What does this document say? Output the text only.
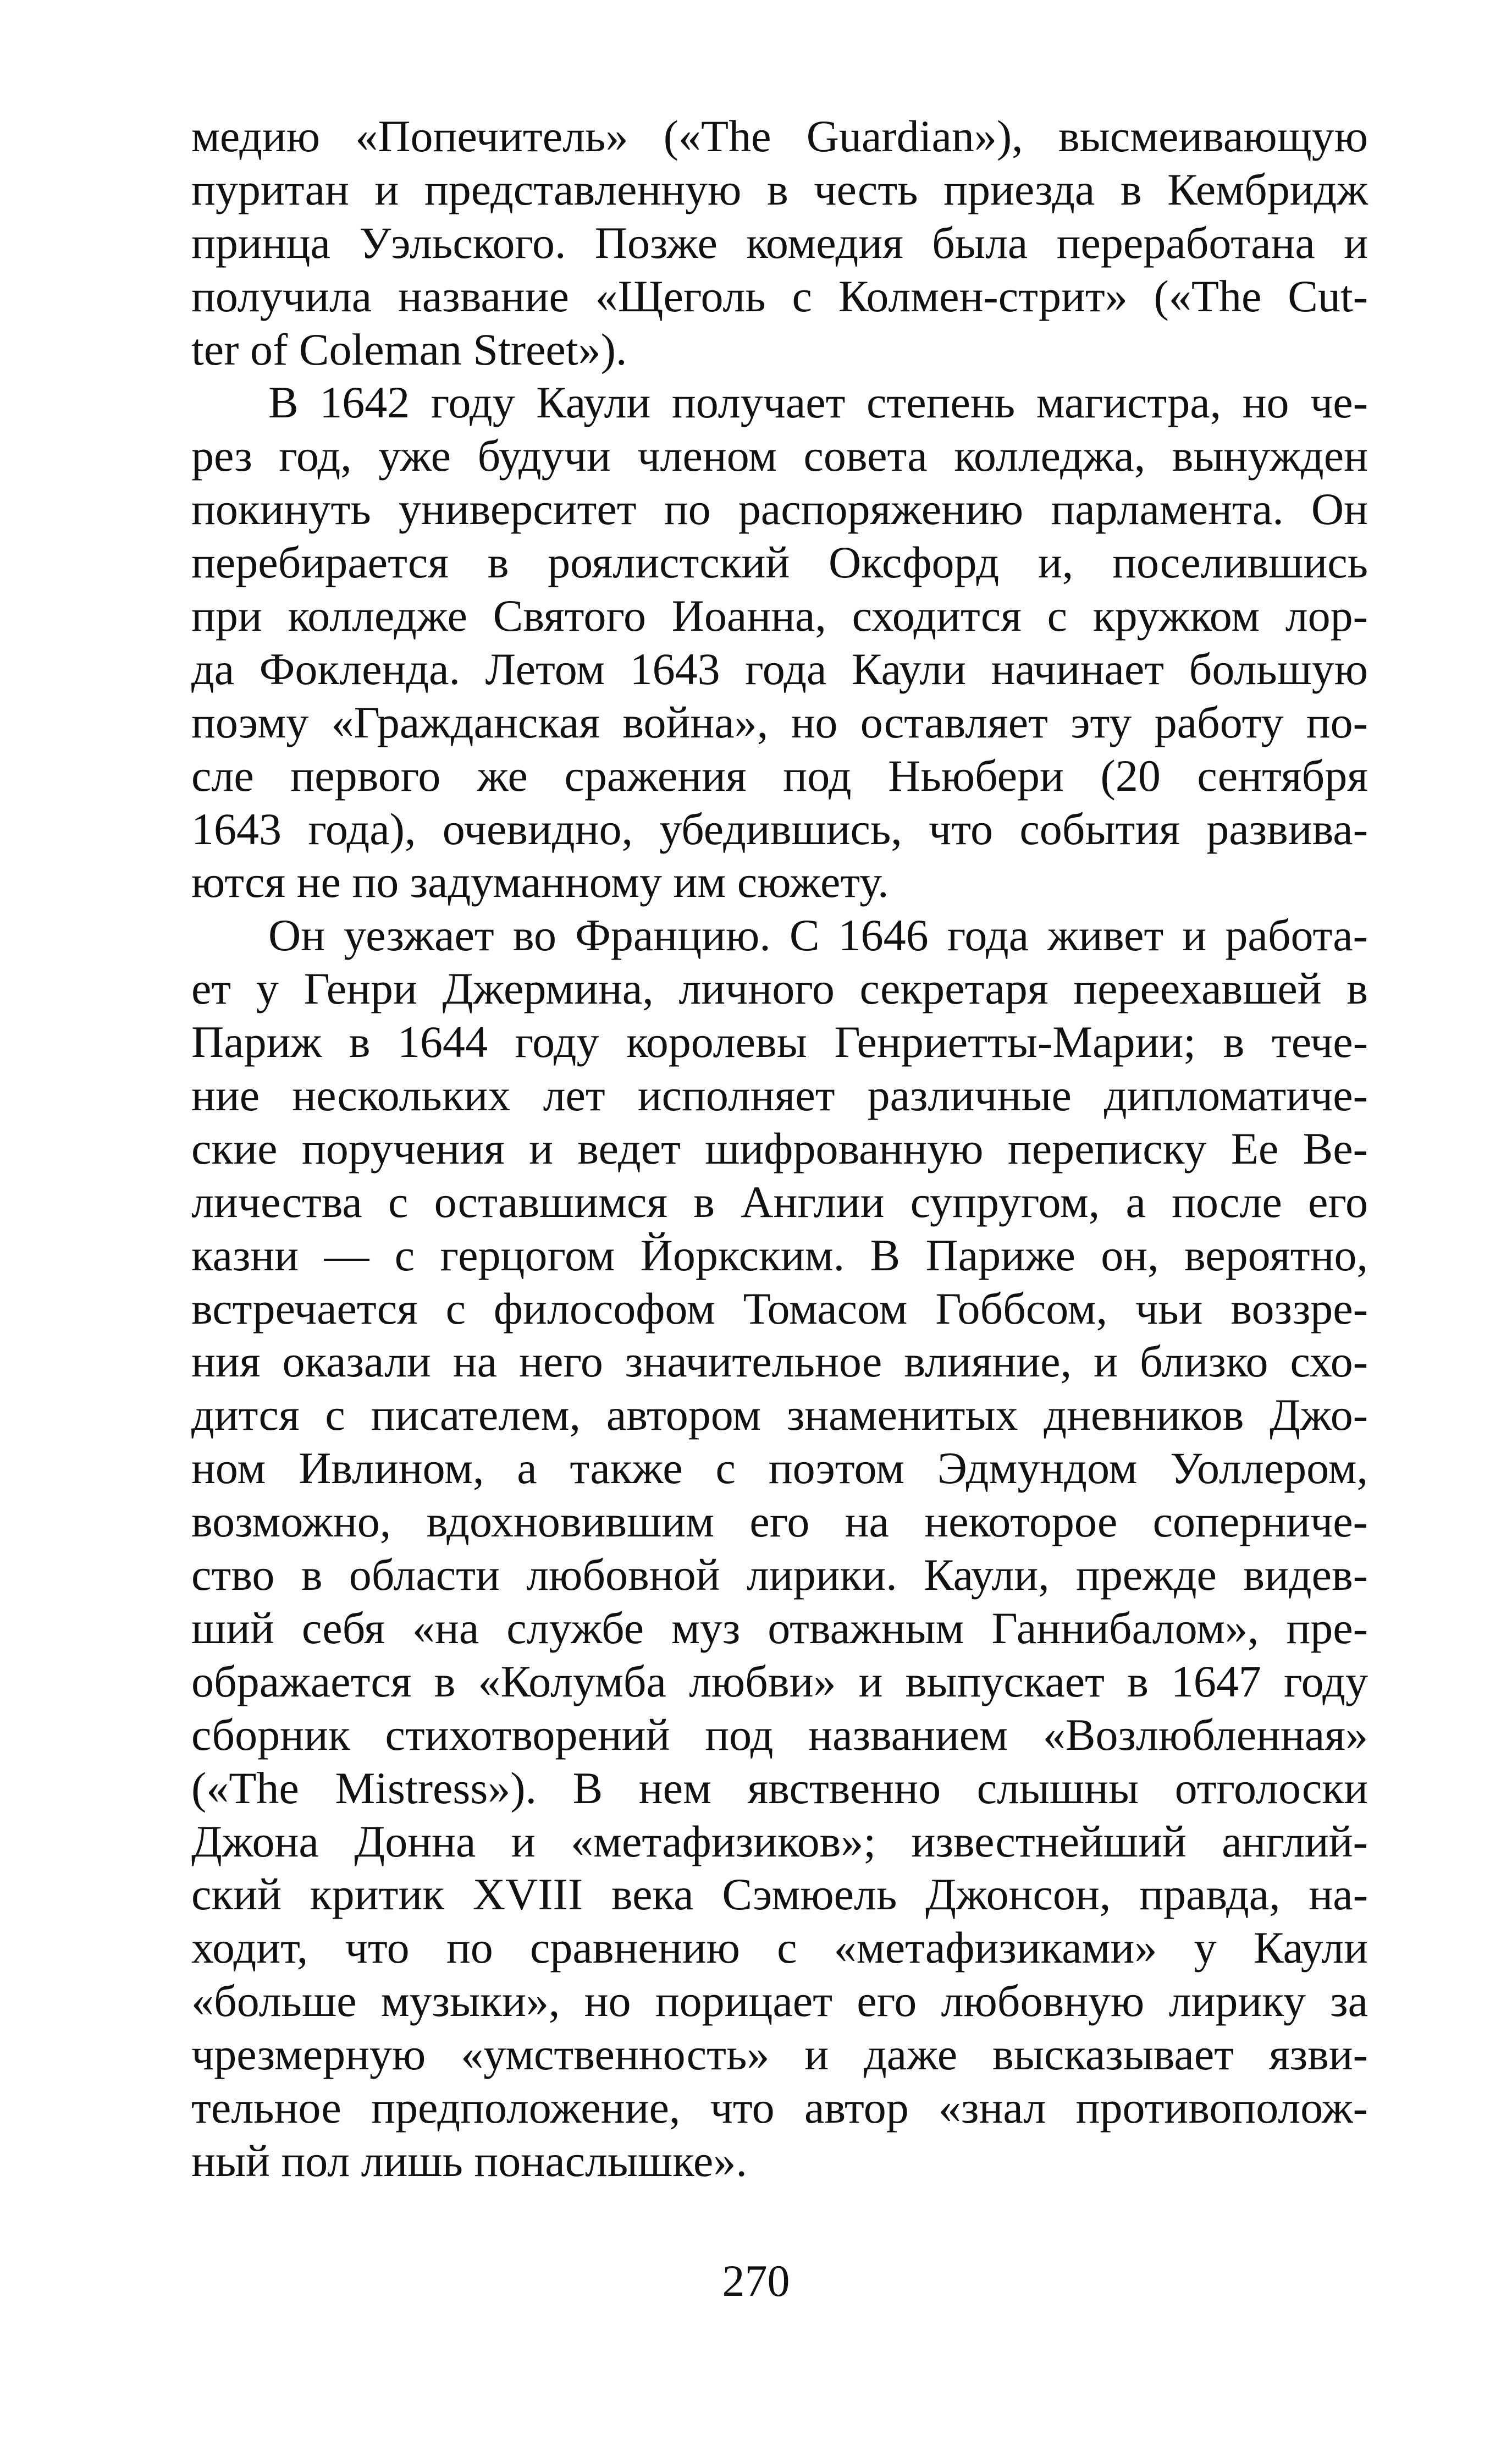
медию «Попечитель» («The Guardian»), высмеивающую
пуритан и представленную в честь приезда в Кембридж
принца Уэльского. Позже комедия была переработана и
получила название «Щеголь с Колмен-стрит» («The Cut-
ter of Coleman Street»).
В 1642 году Каули получает степень магистра, но че-
рез год, уже будучи членом совета колледжа, вынужден
покинуть университет по распоряжению парламента. Он
перебирается в роялистский Оксфорд и, поселившись
при колледже Святого Иоанна, сходится с кружком лор-
да Фокленда. Летом 1643 года Каули начинает большую
поэму «Гражданская война», но оставляет эту работу по-
сле первого же сражения под Ньюбери (20 сентября
1643 года), очевидно, убедившись, что события развива-
ются не по задуманному им сюжету.
Он уезжает во Францию. С 1646 года живет и работа-
ет у Генри Джермина, личного секретаря переехавшей в
Париж в 1644 году королевы Генриетты-Марии; в тече-
ние нескольких лет исполняет различные дипломатиче-
ские поручения и ведет шифрованную переписку Ее Ве-
личества с оставшимся в Англии супругом, а после его
казни — с герцогом Йоркским. В Париже он, вероятно,
встречается с философом Томасом Гоббсом, чьи воззре-
ния оказали на него значительное влияние, и близко схо-
дится с писателем, автором знаменитых дневников Джо-
ном Ивлином, а также с поэтом Эдмундом Уоллером,
возможно, вдохновившим его на некоторое соперниче-
ство в области любовной лирики. Каули, прежде видев-
ший себя «на службе муз отважным Ганнибалом», пре-
ображается в «Колумба любви» и выпускает в 1647 году
сборник стихотворений под названием «Возлюбленная»
(«The Mistress»). В нем явственно слышны отголоски
Джона Донна и «метафизиков»; известнейший англий-
ский критик XVIII века Сэмюель Джонсон, правда, на-
ходит, что по сравнению с «метафизиками» у Каули
«больше музыки», но порицает его любовную лирику за
чрезмерную «умственность» и даже высказывает язви-
тельное предположение, что автор «знал противополож-
ный пол лишь понаслышке».
270
